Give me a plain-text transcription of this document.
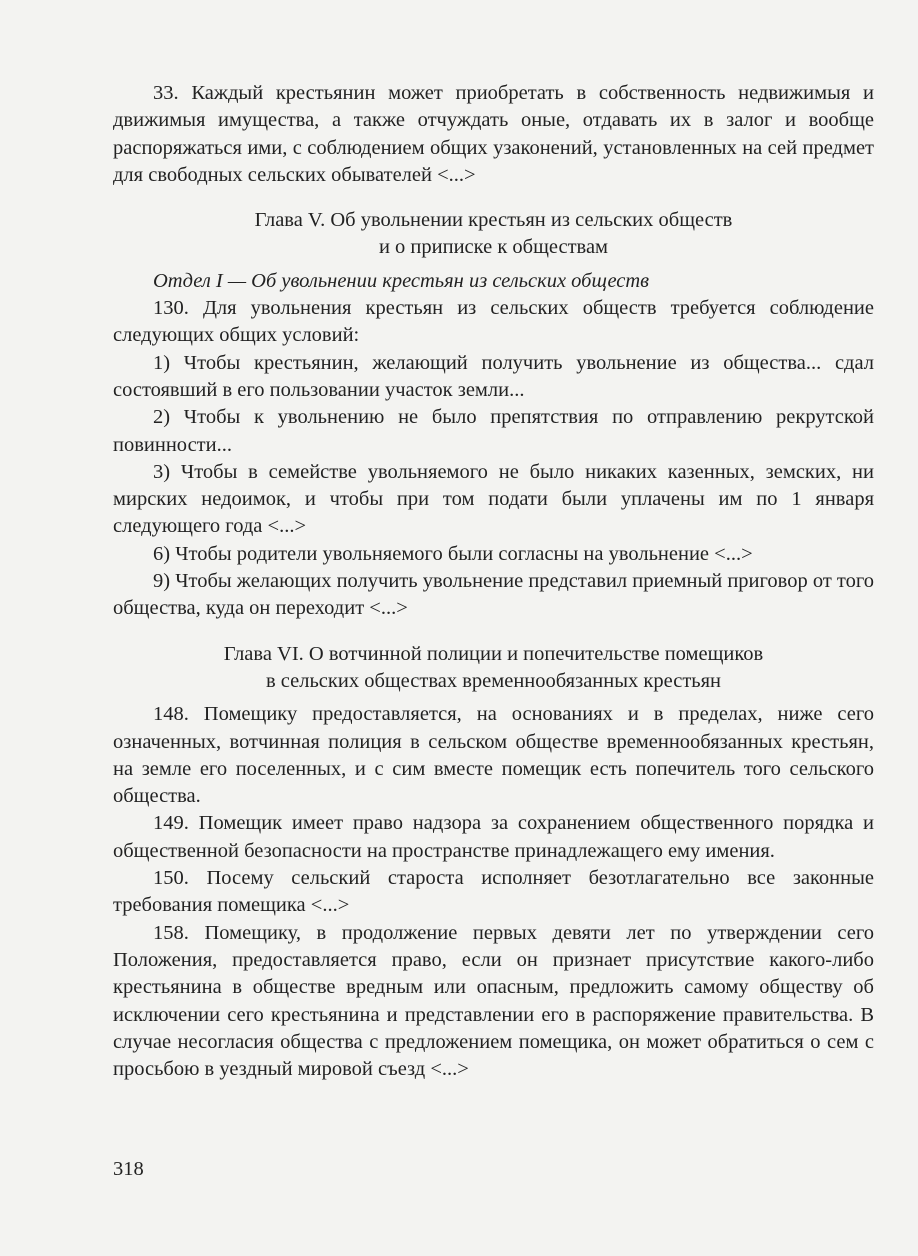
33. Каждый крестьянин может приобретать в собственность недвижимыя и движимыя имущества, а также отчуждать оные, отдавать их в залог и вообще распоряжаться ими, с соблюдением общих узаконений, установленных на сей предмет для свободных сельских обывателей <...>

Глава V. Об увольнении крестьян из сельских обществ
и о приписке к обществам

Отдел I — Об увольнении крестьян из сельских обществ

130. Для увольнения крестьян из сельских обществ требуется соблюдение следующих общих условий:

1) Чтобы крестьянин, желающий получить увольнение из общества... сдал состоявший в его пользовании участок земли...

2) Чтобы к увольнению не было препятствия по отправлению рекрутской повинности...

3) Чтобы в семействе увольняемого не было никаких казенных, земских, ни мирских недоимок, и чтобы при том подати были уплачены им по 1 января следующего года <...>

6) Чтобы родители увольняемого были согласны на увольнение <...>

9) Чтобы желающих получить увольнение представил приемный приговор от того общества, куда он переходит <...>

Глава VI. О вотчинной полиции и попечительстве помещиков
в сельских обществах временнообязанных крестьян

148. Помещику предоставляется, на основаниях и в пределах, ниже сего означенных, вотчинная полиция в сельском обществе временнообязанных крестьян, на земле его поселенных, и с сим вместе помещик есть попечитель того сельского общества.

149. Помещик имеет право надзора за сохранением общественного порядка и общественной безопасности на пространстве принадлежащего ему имения.

150. Посему сельский староста исполняет безотлагательно все законные требования помещика <...>

158. Помещику, в продолжение первых девяти лет по утверждении сего Положения, предоставляется право, если он признает присутствие какого-либо крестьянина в обществе вредным или опасным, предложить самому обществу об исключении сего крестьянина и представлении его в распоряжение правительства. В случае несогласия общества с предложением помещика, он может обратиться о сем с просьбою в уездный мировой съезд <...>

318
